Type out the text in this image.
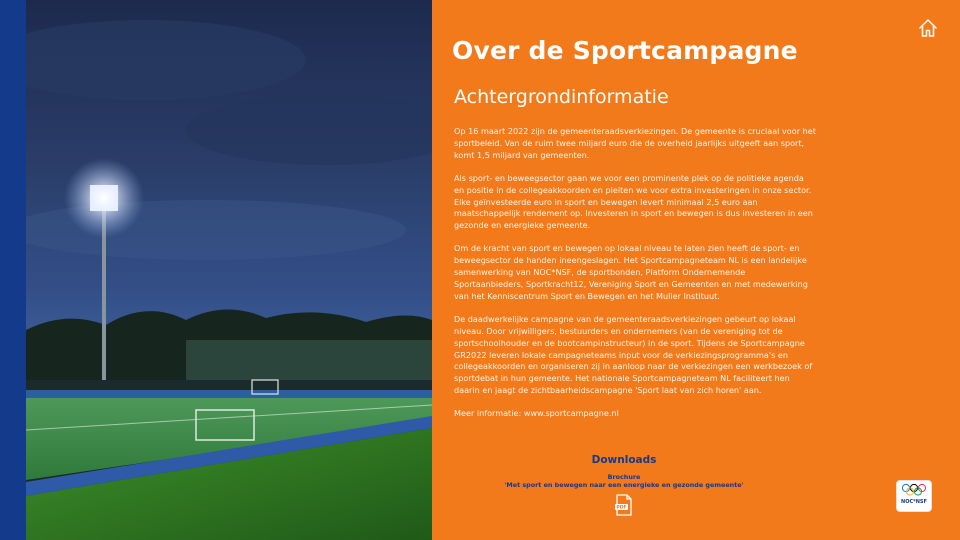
Over de Sportcampagne
Achtergrondinformatie

Op 16 maart 2022 zijn de gemeenteraadsverkiezingen. De gemeente is cruciaal voor het sportbeleid. Van de ruim twee miljard euro die de overheid jaarlijks uitgeeft aan sport, komt 1,5 miljard van gemeenten.

Als sport- en beweegsector gaan we voor een prominente plek op de politieke agenda en positie in de collegeakkoorden en pleiten we voor extra investeringen in onze sector. Elke geïnvesteerde euro in sport en bewegen levert minimaal 2,5 euro aan maatschappelijk rendement op. Investeren in sport en bewegen is dus investeren in een gezonde en energieke gemeente.

Om de kracht van sport en bewegen op lokaal niveau te laten zien heeft de sport- en beweegsector de handen ineengeslagen. Het Sportcampagneteam NL is een landelijke samenwerking van NOC*NSF, de sportbonden, Platform Ondernemende Sportaanbieders, Sportkracht12, Vereniging Sport en Gemeenten en met medewerking van het Kenniscentrum Sport en Bewegen en het Mulier Instituut.

De daadwerkelijke campagne van de gemeenteraadsverkiezingen gebeurt op lokaal niveau. Door vrijwilligers, bestuurders en ondernemers (van de vereniging tot de sportschoolhouder en de bootcampinstructeur) in de sport. Tijdens de Sportcampagne GR2022 leveren lokale campagneteams input voor de verkiezingsprogramma's en collegeakkoorden en organiseren zij in aanloop naar de verkiezingen een werkbezoek of sportdebat in hun gemeente. Het nationale Sportcampagneteam NL faciliteert hen daarin en jaagt de zichtbaarheidscampagne 'Sport laat van zich horen' aan.

Meer informatie: www.sportcampagne.nl

Downloads
Brochure
'Met sport en bewegen naar een energieke en gezonde gemeente'
PDF
NOC*NSF
